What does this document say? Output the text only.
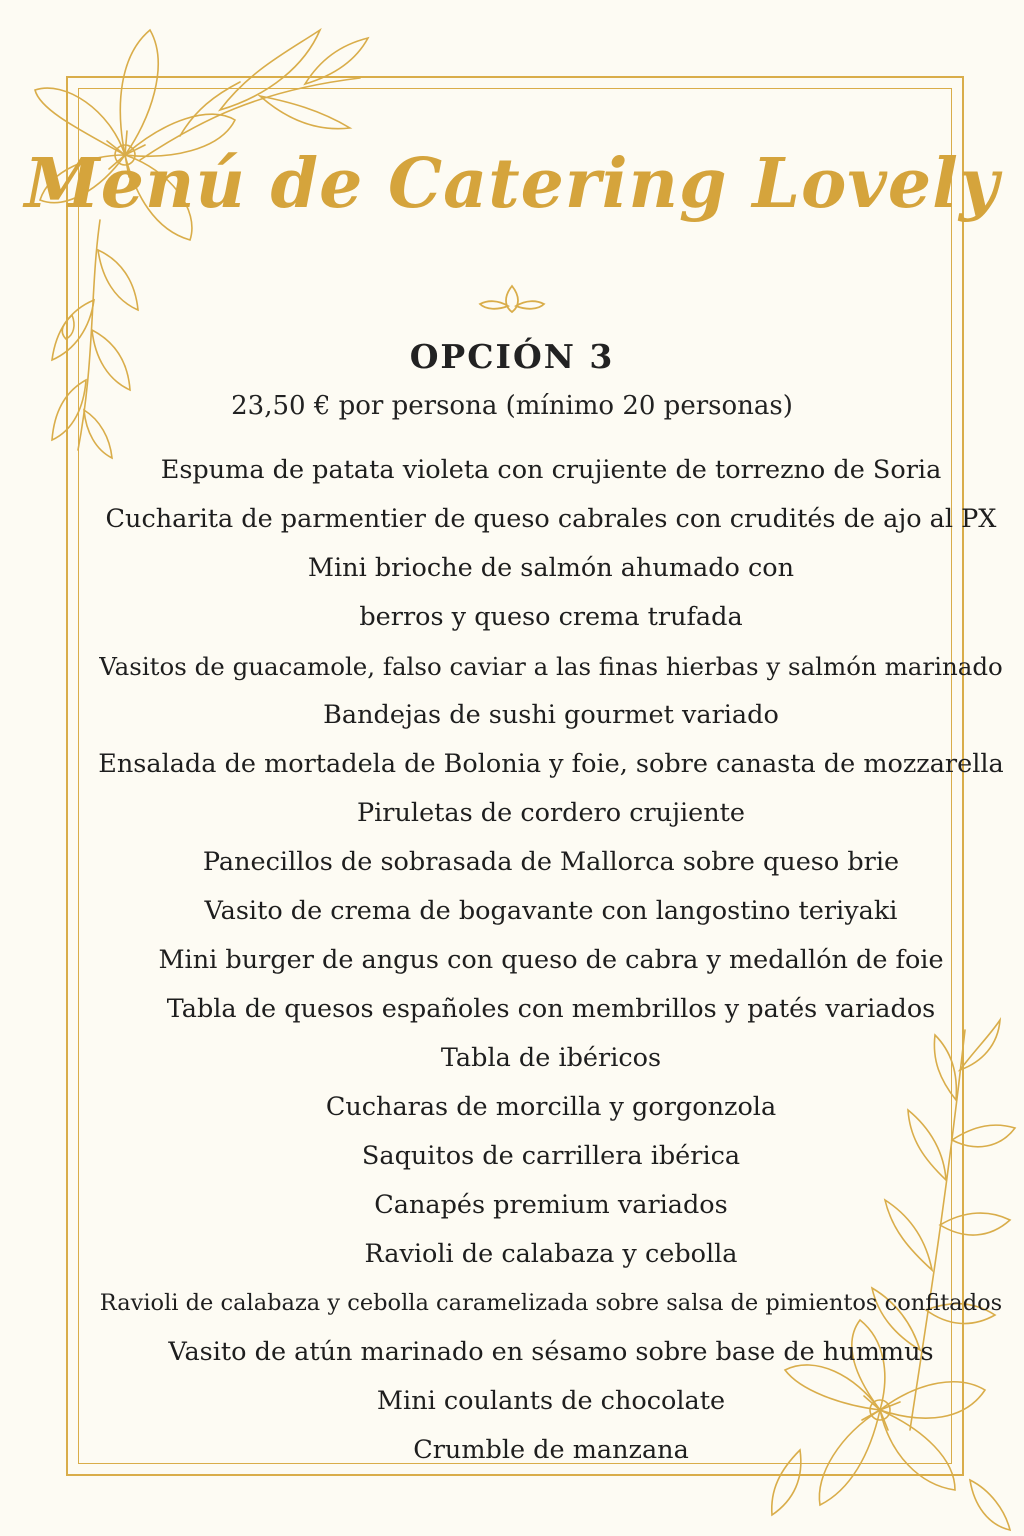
Menú de Catering Lovely
OPCIÓN 3
23,50 € por persona (mínimo 20 personas)
Espuma de patata violeta con crujiente de torrezno de Soria
Cucharita de parmentier de queso cabrales con crudités de ajo al PX
Mini brioche de salmón ahumado con
berros y queso crema trufada
Vasitos de guacamole, falso caviar a las finas hierbas y salmón marinado
Bandejas de sushi gourmet variado
Ensalada de mortadela de Bolonia y foie, sobre canasta de mozzarella
Piruletas de cordero crujiente
Panecillos de sobrasada de Mallorca sobre queso brie
Vasito de crema de bogavante con langostino teriyaki
Mini burger de angus con queso de cabra y medallón de foie
Tabla de quesos españoles con membrillos y patés variados
Tabla de ibéricos
Cucharas de morcilla y gorgonzola
Saquitos de carrillera ibérica
Canapés premium variados
Ravioli de calabaza y cebolla
Ravioli de calabaza y cebolla caramelizada sobre salsa de pimientos confitados
Vasito de atún marinado en sésamo sobre base de hummus
Mini coulants de chocolate
Crumble de manzana
